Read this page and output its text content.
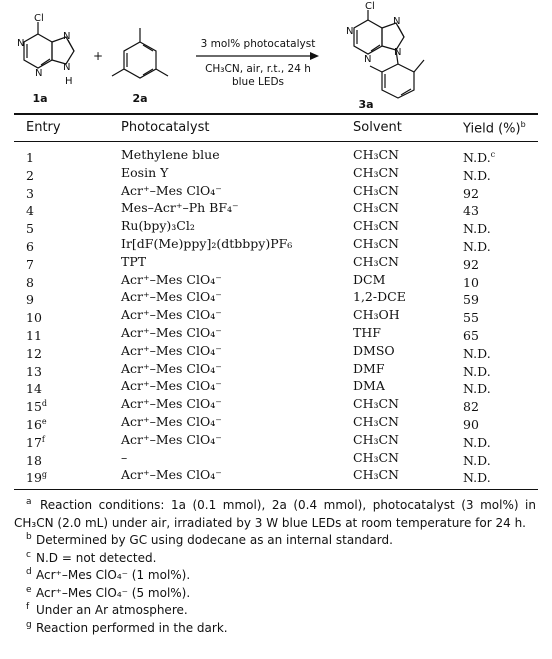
Cl
N
N
N
N
H
Cl
N
N
N
N
+
3 mol% photocatalyst
CH₃CN, air, r.t., 24 h
blue LEDs
1a	2a	3a
Entry	Photocatalyst	Solvent	Yield (%)$^b$
1	Methylene blue	CH₃CN	N.D.$^c$
2	Eosin Y	CH₃CN	N.D.
3	Acr⁺–Mes ClO₄⁻	CH₃CN	92
4	Mes–Acr⁺–Ph BF₄⁻	CH₃CN	43
5	Ru(bpy)₃Cl₂	CH₃CN	N.D.
6	Ir[dF(Me)ppy]₂(dtbbpy)PF₆	CH₃CN	N.D.
7	TPT	CH₃CN	92
8	Acr⁺–Mes ClO₄⁻	DCM	10
9	Acr⁺–Mes ClO₄⁻	1,2-DCE	59
10	Acr⁺–Mes ClO₄⁻	CH₃OH	55
11	Acr⁺–Mes ClO₄⁻	THF	65
12	Acr⁺–Mes ClO₄⁻	DMSO	N.D.
13	Acr⁺–Mes ClO₄⁻	DMF	N.D.
14	Acr⁺–Mes ClO₄⁻	DMA	N.D.
15$^d$	Acr⁺–Mes ClO₄⁻	CH₃CN	82
16e	Acr⁺–Mes ClO₄⁻	CH₃CN	90
17$^f$	Acr⁺–Mes ClO₄⁻	CH₃CN	N.D.
18	–	CH₃CN	N.D.
19$^g$	Acr⁺–Mes ClO₄⁻	CH₃CN	N.D.
a Reaction conditions: 1a (0.1 mmol), 2a (0.4 mmol), photocatalyst (3 mol%) in CH₃CN (2.0 mL) under air, irradiated by 3 W blue LEDs at room temperature for 24 h.
b Determined by GC using dodecane as an internal standard.
c N.D = not detected.
d Acr⁺–Mes ClO₄⁻ (1 mol%).
e Acr⁺–Mes ClO₄⁻ (5 mol%).
f Under an Ar atmosphere.
g Reaction performed in the dark.
